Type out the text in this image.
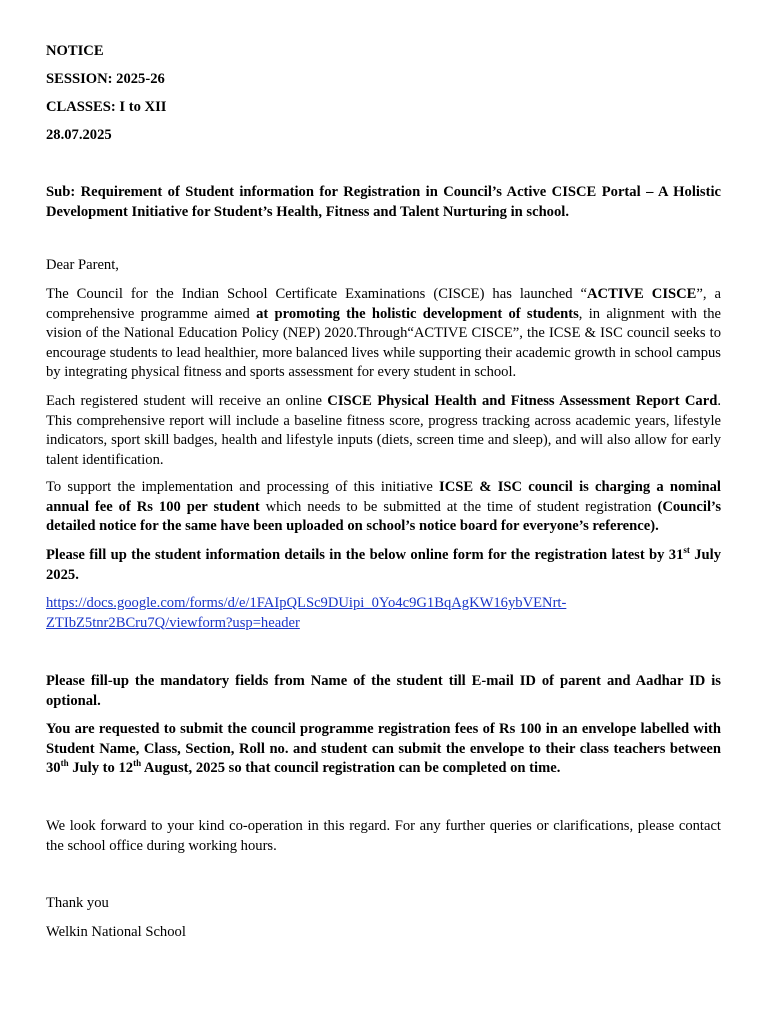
NOTICE

SESSION: 2025-26

CLASSES: I to XII

28.07.2025

Sub: Requirement of Student information for Registration in Council’s Active CISCE Portal – A Holistic Development Initiative for Student’s Health, Fitness and Talent Nurturing in school.

Dear Parent,

The Council for the Indian School Certificate Examinations (CISCE) has launched “ACTIVE CISCE”, a comprehensive programme aimed at promoting the holistic development of students, in alignment with the vision of the National Education Policy (NEP) 2020.Through“ACTIVE CISCE”, the ICSE & ISC council seeks to encourage students to lead healthier, more balanced lives while supporting their academic growth in school campus by integrating physical fitness and sports assessment for every student in school.

Each registered student will receive an online CISCE Physical Health and Fitness Assessment Report Card. This comprehensive report will include a baseline fitness score, progress tracking across academic years, lifestyle indicators, sport skill badges, health and lifestyle inputs (diets, screen time and sleep), and will also allow for early talent identification.

To support the implementation and processing of this initiative ICSE & ISC council is charging a nominal annual fee of Rs 100 per student which needs to be submitted at the time of student registration (Council’s detailed notice for the same have been uploaded on school’s notice board for everyone’s reference).

Please fill up the student information details in the below online form for the registration latest by 31st July 2025.

https://docs.google.com/forms/d/e/1FAIpQLSc9DUipi_0Yo4c9G1BqAgKW16ybVENrt-
ZTIbZ5tnr2BCru7Q/viewform?usp=header

Please fill-up the mandatory fields from Name of the student till E-mail ID of parent and Aadhar ID is optional.

You are requested to submit the council programme registration fees of Rs 100 in an envelope labelled with Student Name, Class, Section, Roll no. and student can submit the envelope to their class teachers between 30th July to 12th August, 2025 so that council registration can be completed on time.

We look forward to your kind co-operation in this regard. For any further queries or clarifications, please contact the school office during working hours.

Thank you

Welkin National School
